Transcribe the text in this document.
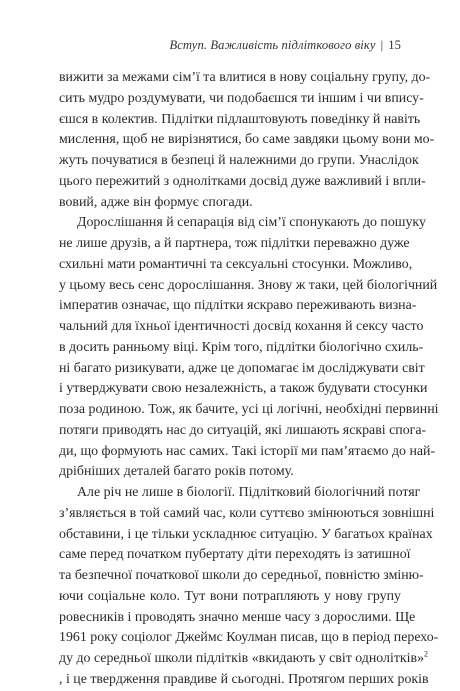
Вступ. Важливість підліткового віку | 15
вижити за межами сім’ї та влитися в нову соціальну групу, до-
сить мудро роздумувати, чи подобаєшся ти іншим і чи впису-
єшся в колектив. Підлітки підлаштовують поведінку й навіть
мислення, щоб не вирізнятися, бо саме завдяки цьому вони мо-
жуть почуватися в безпеці й належними до групи. Унаслідок
цього пережитий з однолітками досвід дуже важливий і впли-
вовий, адже він формує спогади.
Дорослішання й сепарація від сім’ї спонукають до пошуку
не лише друзів, а й партнера, тож підлітки переважно дуже
схильні мати романтичні та сексуальні стосунки. Можливо,
у цьому весь сенс дорослішання. Знову ж таки, цей біологічний
імператив означає, що підлітки яскраво переживають визна-
чальний для їхньої ідентичності досвід кохання й сексу часто
в досить ранньому віці. Крім того, підлітки біологічно схиль-
ні багато ризикувати, адже це допомагає ім досліджувати світ
і утверджувати свою незалежність, а також будувати стосунки
поза родиною. Тож, як бачите, усі ці логічні, необхідні первинні
потяги приводять нас до ситуацій, які лишають яскраві спога-
ди, що формують нас самих. Такі історії ми пам’ятаємо до най-
дрібніших деталей багато років потому.
Але річ не лише в біології. Підлітковий біологічний потяг
з’являється в той самий час, коли суттєво змінюються зовнішні
обставини, і це тільки ускладнює ситуацію. У багатьох країнах
саме перед початком пубертату діти переходять із затишної
та безпечної початкової школи до середньої, повністю зміню-
ючи соціальне коло. Тут вони потрапляють у нову групу
ровесників і проводять значно менше часу з дорослими. Ще
1961 року соціолог Джеймс Коулман писав, що в період перехо-
ду до середньої школи підлітків «вкидають у світ однолітків»$^2$
, і це твердження правдиве й сьогодні. Протягом перших років
